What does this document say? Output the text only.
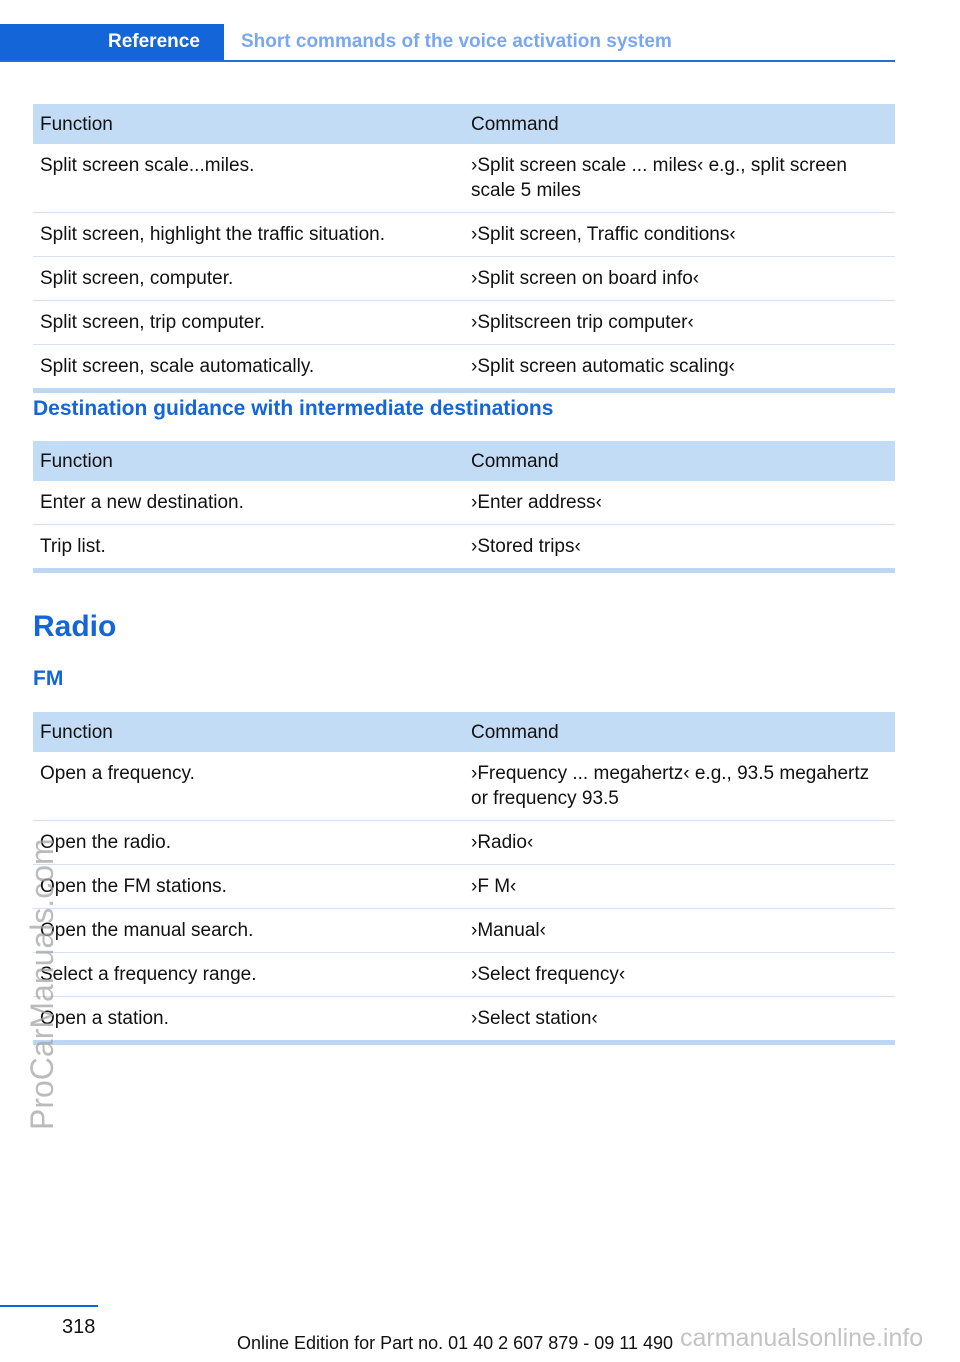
Reference	Short commands of the voice activation system
Function	Command
Split screen scale...miles.	›Split screen scale ... miles‹ e.g., split screen scale 5 miles
Split screen, highlight the traffic situation.	›Split screen, Traffic conditions‹
Split screen, computer.	›Split screen on board info‹
Split screen, trip computer.	›Splitscreen trip computer‹
Split screen, scale automatically.	›Split screen automatic scaling‹
Destination guidance with intermediate destinations
Function	Command
Enter a new destination.	›Enter address‹
Trip list.	›Stored trips‹
Radio
FM
Function	Command
Open a frequency.	›Frequency ... megahertz‹ e.g., 93.5 megahertz or frequency 93.5
Open the radio.	›Radio‹
Open the FM stations.	›F M‹
Open the manual search.	›Manual‹
Select a frequency range.	›Select frequency‹
Open a station.	›Select station‹
ProCarManuals.com
318
Online Edition for Part no. 01 40 2 607 879 - 09 11 490 carmanualsonline.info
